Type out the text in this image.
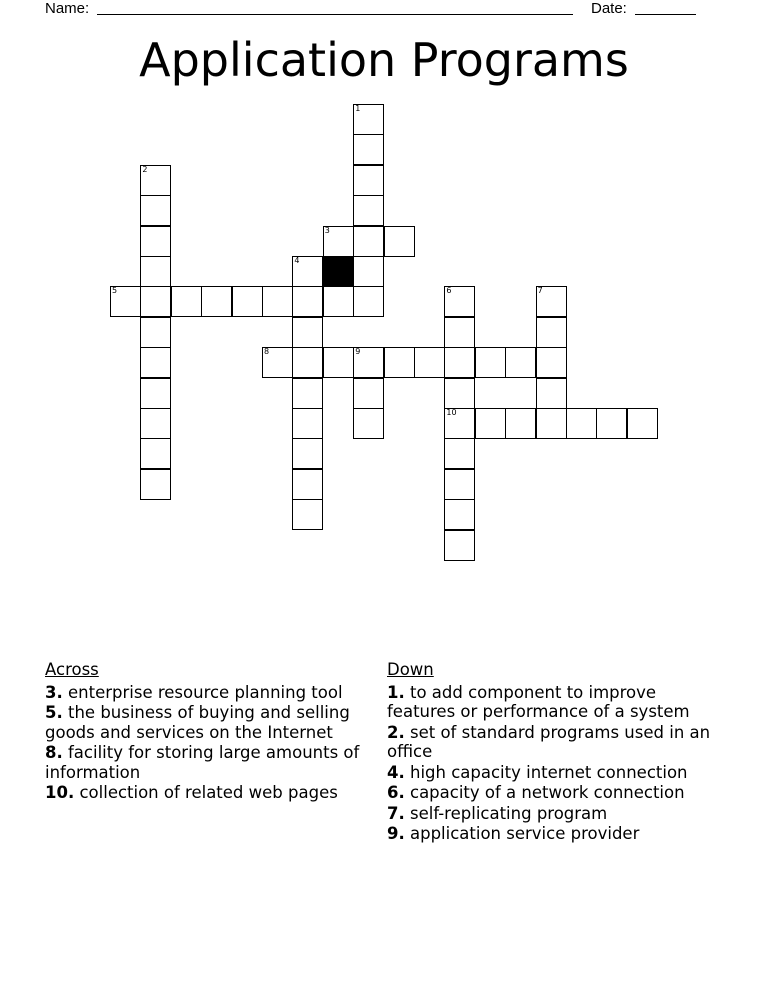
Name:	Date:
Application Programs
1
2
3
4
5	6	7
8	9
10
Across
3. enterprise resource planning tool
5. the business of buying and selling goods and services on the Internet
8. facility for storing large amounts of information
10. collection of related web pages
Down
1. to add component to improve features or performance of a system
2. set of standard programs used in an office
4. high capacity internet connection
6. capacity of a network connection
7. self-replicating program
9. application service provider
